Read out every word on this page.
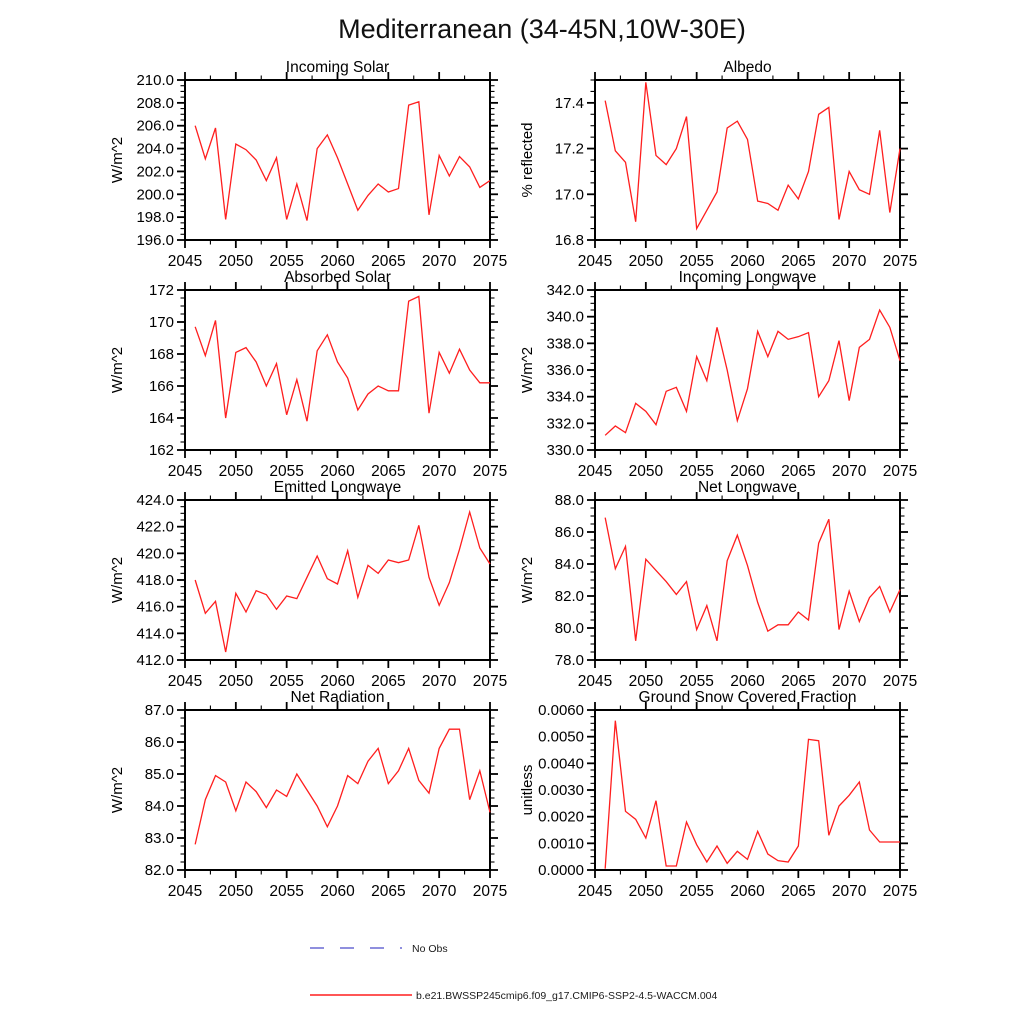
Mediterranean (34-45N,10W-30E)
Incoming Solar
W/m^2
2045 2050 2055 2060 2065 2070 2075
196.0
198.0
200.0
202.0
204.0
206.0
208.0
210.0
Albedo
% reflected
2045 2050 2055 2060 2065 2070 2075
16.8
17.0
17.2
17.4
Absorbed Solar
W/m^2
2045 2050 2055 2060 2065 2070 2075
162
164
166
168
170
172
Incoming Longwave
W/m^2
2045 2050 2055 2060 2065 2070 2075
330.0
332.0
334.0
336.0
338.0
340.0
342.0
Emitted Longwave
W/m^2
2045 2050 2055 2060 2065 2070 2075
412.0
414.0
416.0
418.0
420.0
422.0
424.0
Net Longwave
W/m^2
2045 2050 2055 2060 2065 2070 2075
78.0
80.0
82.0
84.0
86.0
88.0
Net Radiation
W/m^2
2045 2050 2055 2060 2065 2070 2075
82.0
83.0
84.0
85.0
86.0
87.0
Ground Snow Covered Fraction
unitless
2045 2050 2055 2060 2065 2070 2075
0.0000
0.0010
0.0020
0.0030
0.0040
0.0050
0.0060
No Obs
b.e21.BWSSP245cmip6.f09_g17.CMIP6-SSP2-4.5-WACCM.004
